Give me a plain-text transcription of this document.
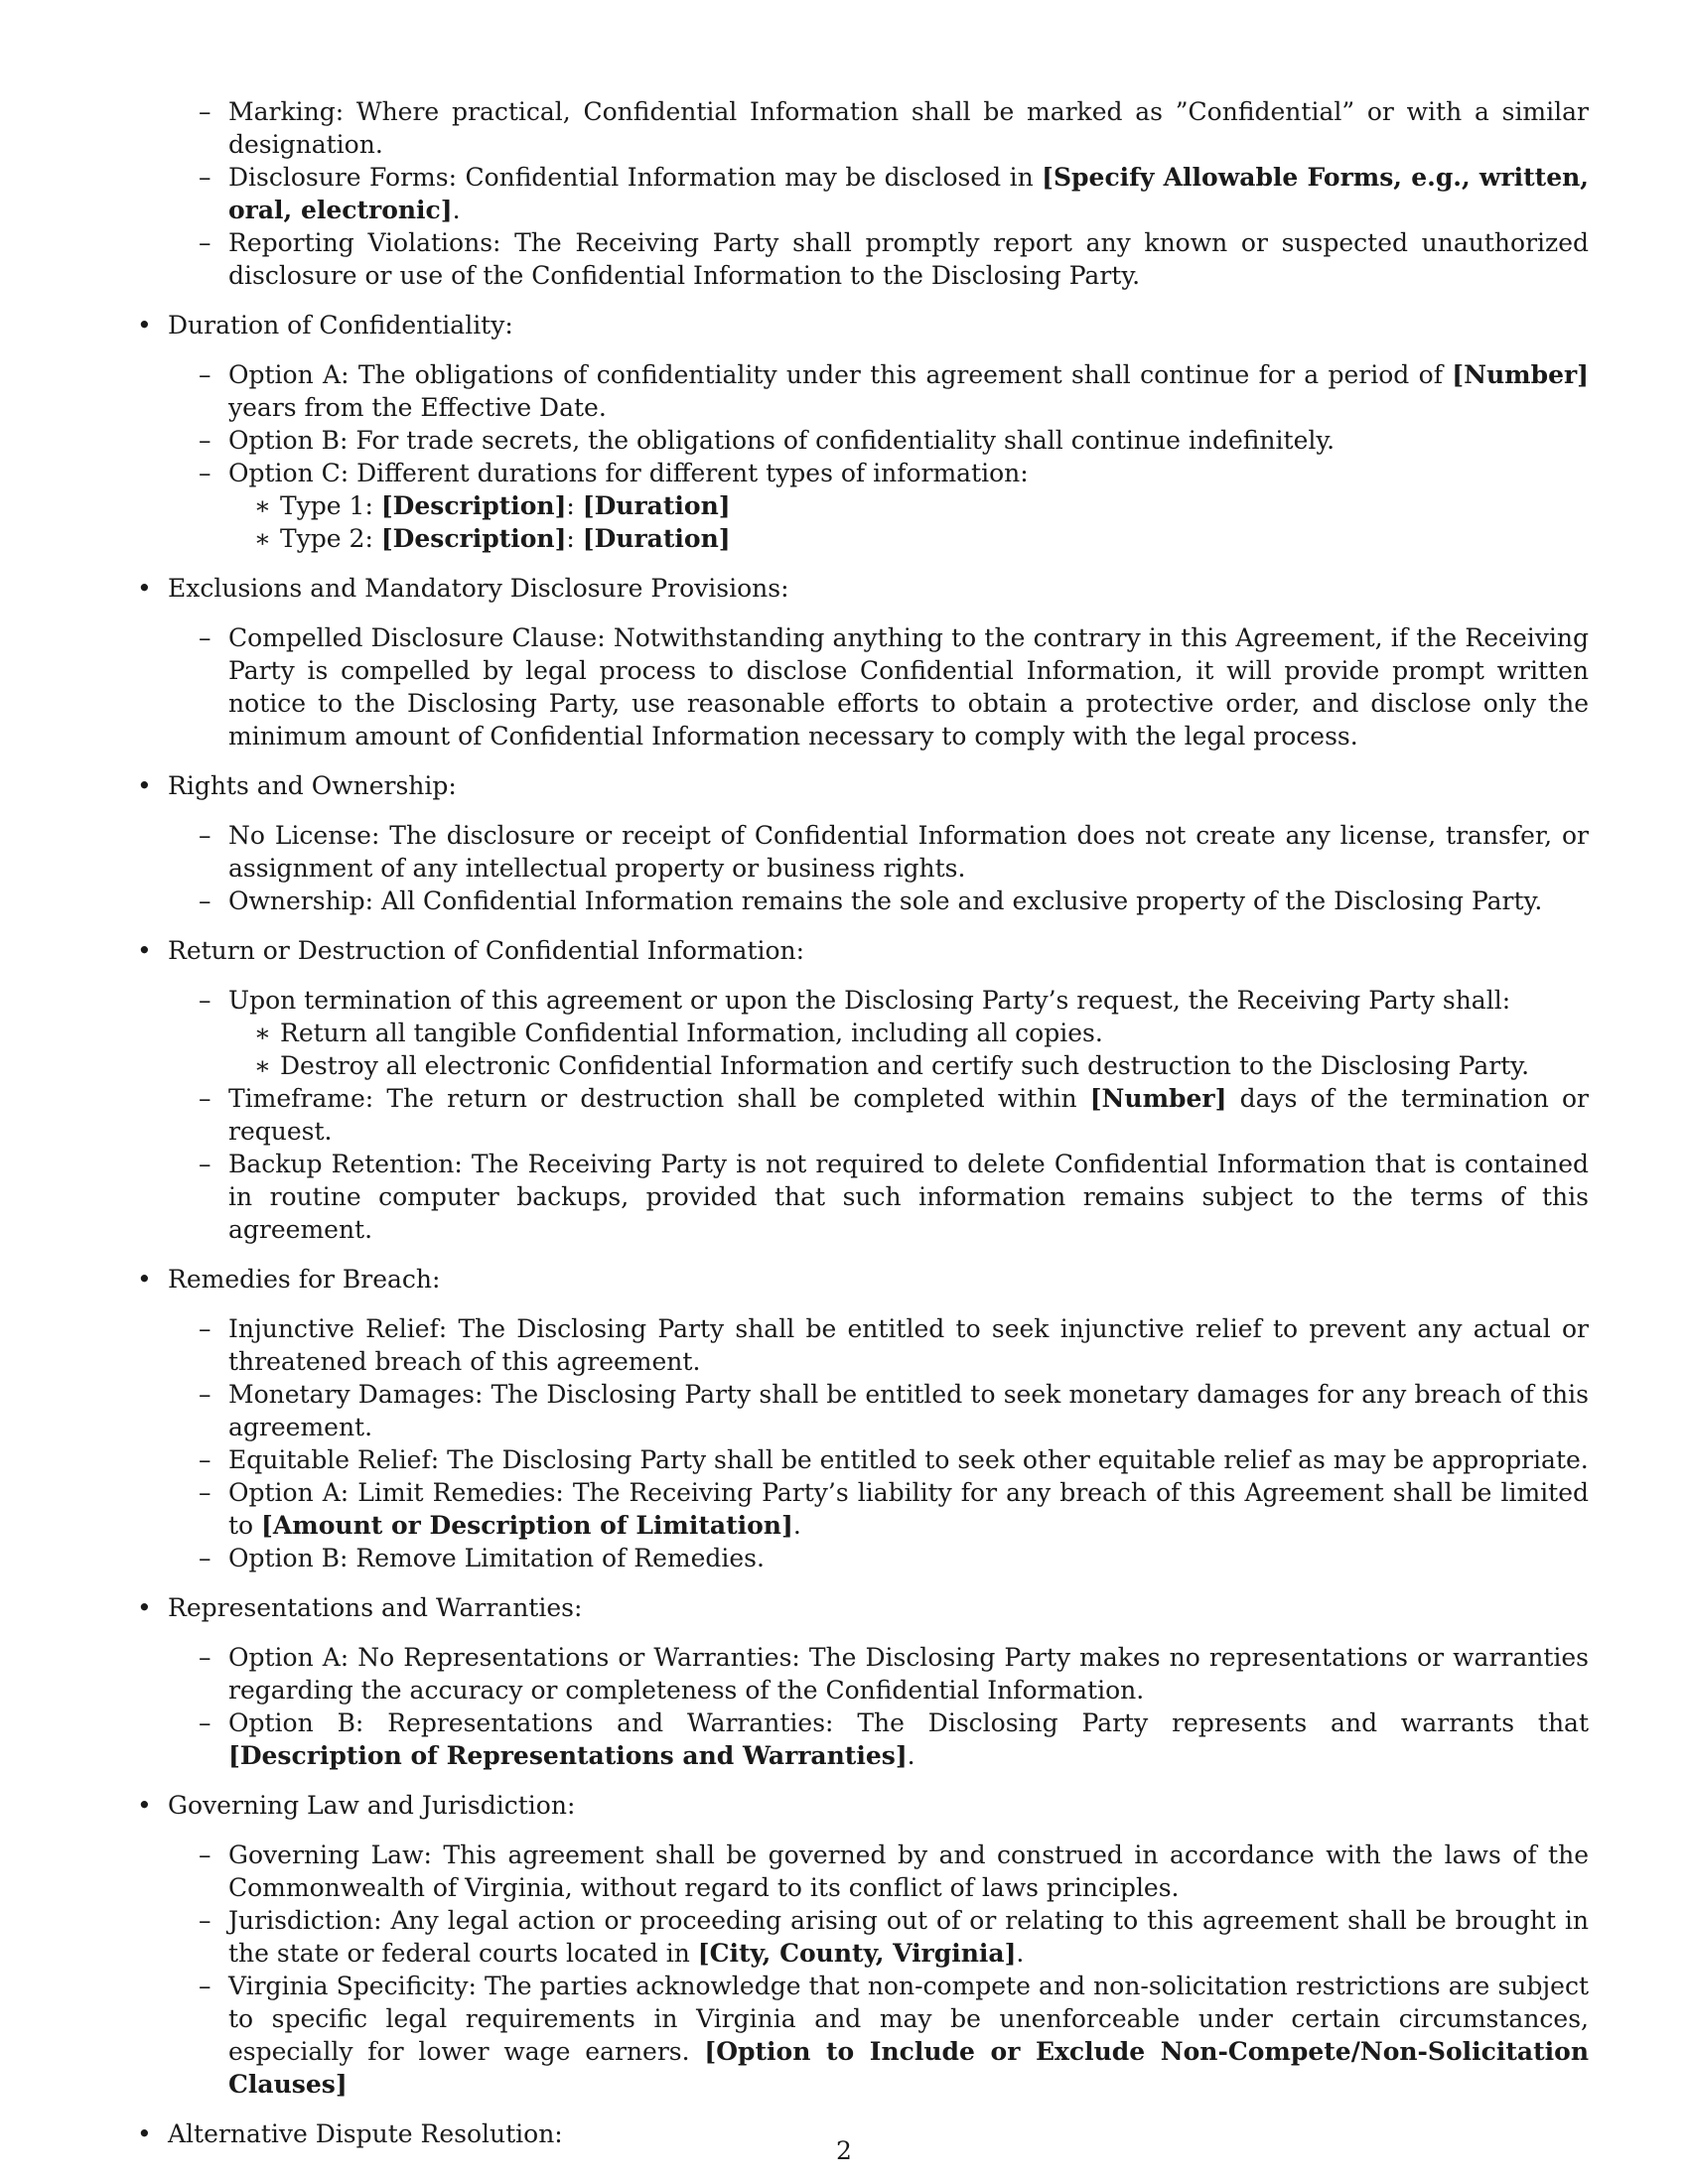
– Marking: Where practical, Confidential Information shall be marked as ”Confidential” or with a similar designation.
– Disclosure Forms: Confidential Information may be disclosed in [Specify Allowable Forms, e.g., written, oral, electronic].
– Reporting Violations: The Receiving Party shall promptly report any known or suspected unauthorized disclosure or use of the Confidential Information to the Disclosing Party.
• Duration of Confidentiality:
– Option A: The obligations of confidentiality under this agreement shall continue for a period of [Number] years from the Effective Date.
– Option B: For trade secrets, the obligations of confidentiality shall continue indefinitely.
– Option C: Different durations for different types of information:
∗ Type 1: [Description]: [Duration]
∗ Type 2: [Description]: [Duration]
• Exclusions and Mandatory Disclosure Provisions:
– Compelled Disclosure Clause: Notwithstanding anything to the contrary in this Agreement, if the Receiving Party is compelled by legal process to disclose Confidential Information, it will provide prompt written notice to the Disclosing Party, use reasonable efforts to obtain a protective order, and disclose only the minimum amount of Confidential Information necessary to comply with the legal process.
• Rights and Ownership:
– No License: The disclosure or receipt of Confidential Information does not create any license, transfer, or assignment of any intellectual property or business rights.
– Ownership: All Confidential Information remains the sole and exclusive property of the Disclosing Party.
• Return or Destruction of Confidential Information:
– Upon termination of this agreement or upon the Disclosing Party’s request, the Receiving Party shall:
∗ Return all tangible Confidential Information, including all copies.
∗ Destroy all electronic Confidential Information and certify such destruction to the Disclosing Party.
– Timeframe: The return or destruction shall be completed within [Number] days of the termination or request.
– Backup Retention: The Receiving Party is not required to delete Confidential Information that is contained in routine computer backups, provided that such information remains subject to the terms of this agreement.
• Remedies for Breach:
– Injunctive Relief: The Disclosing Party shall be entitled to seek injunctive relief to prevent any actual or threatened breach of this agreement.
– Monetary Damages: The Disclosing Party shall be entitled to seek monetary damages for any breach of this agreement.
– Equitable Relief: The Disclosing Party shall be entitled to seek other equitable relief as may be appropriate.
– Option A: Limit Remedies: The Receiving Party’s liability for any breach of this Agreement shall be limited to [Amount or Description of Limitation].
– Option B: Remove Limitation of Remedies.
• Representations and Warranties:
– Option A: No Representations or Warranties: The Disclosing Party makes no representations or warranties regarding the accuracy or completeness of the Confidential Information.
– Option B: Representations and Warranties: The Disclosing Party represents and warrants that [Description of Representations and Warranties].
• Governing Law and Jurisdiction:
– Governing Law: This agreement shall be governed by and construed in accordance with the laws of the Commonwealth of Virginia, without regard to its conflict of laws principles.
– Jurisdiction: Any legal action or proceeding arising out of or relating to this agreement shall be brought in the state or federal courts located in [City, County, Virginia].
– Virginia Specificity: The parties acknowledge that non-compete and non-solicitation restrictions are subject to specific legal requirements in Virginia and may be unenforceable under certain circumstances, especially for lower wage earners. [Option to Include or Exclude Non-Compete/Non-Solicitation Clauses]
• Alternative Dispute Resolution:
2
